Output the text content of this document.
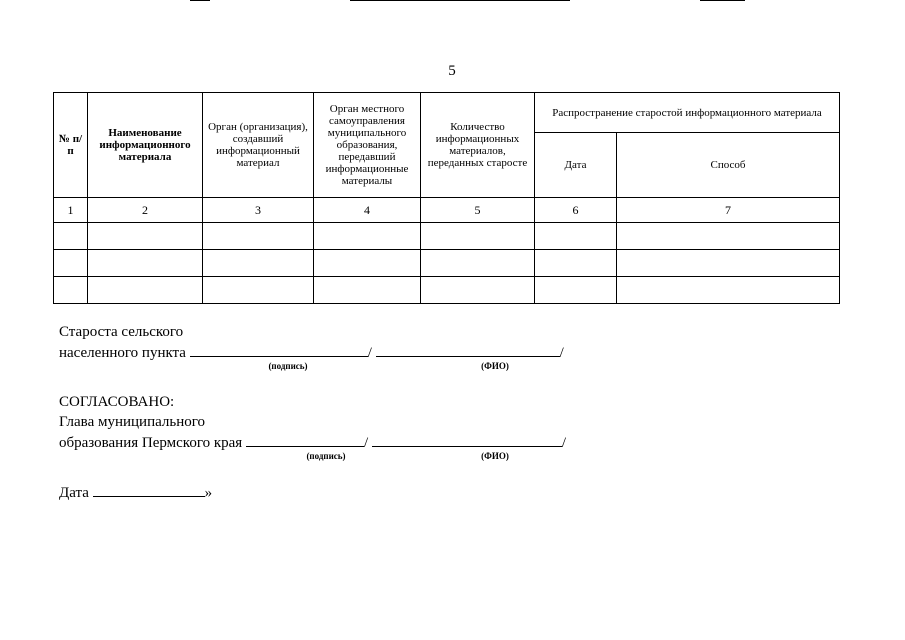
5
№ п/п	Наименование информационного материала	Орган (организация), создавший информационный материал	Орган местного самоуправления муниципального образования, передавший информационные материалы	Количество информационных материалов, переданных старосте	Распространение старостой информационного материала	
					Дата	Способ
1	2	3	4	5	6	7

Староста сельского
населенного пункта	/	/
(подпись)	(ФИО)
СОГЛАСОВАНО:
Глава муниципального
образования Пермского края	/	/
(подпись)	(ФИО)
Дата	»
